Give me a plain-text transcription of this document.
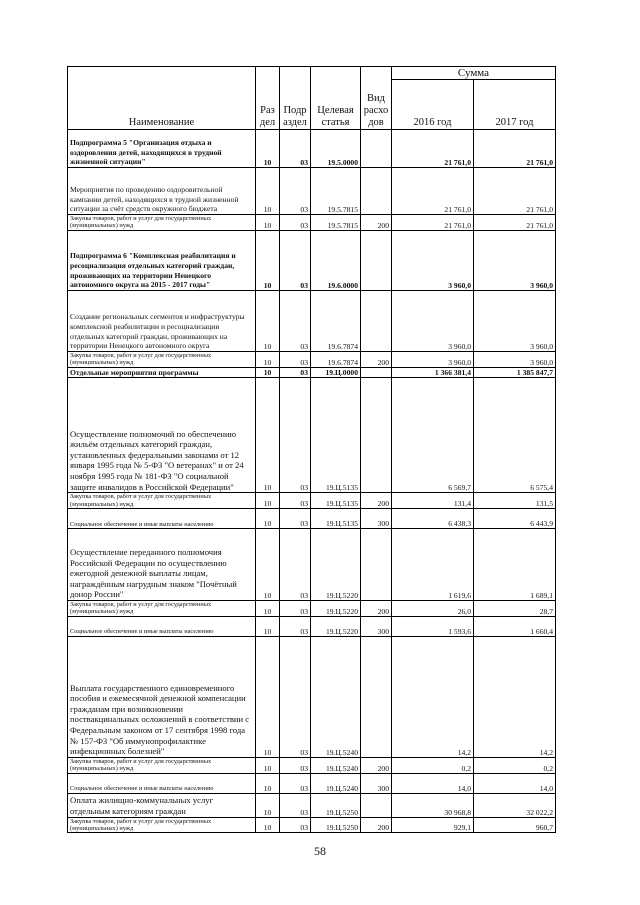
Наименование	Раз дел	Подр аздел	Целевая статья	Вид расхо дов	Сумма	
					2016 год	2017 год
Подпрограмма 5 "Организация отдыха и оздоровления детей, находящихся в трудной жизненной ситуации"	10	03	19.5.0000		21 761,0	21 761,0
Мероприятия по проведению оздоровительной кампании детей, находящихся в трудной жизненной ситуации за счёт средств окружного бюджета	10	03	19.5.7815		21 761,0	21 761,0
Закупка товаров, работ и услуг для государственных (муниципальных) нужд	10	03	19.5.7815	200	21 761,0	21 761,0
Подпрограмма 6 "Комплексная реабилитация и ресоциализация отдельных категорий граждан, проживающих на территории Ненецкого автономного округа на 2015 - 2017 годы"	10	03	19.6.0000		3 960,0	3 960,0
Создание региональных сегментов и инфраструктуры комплексной реабилитации и ресоциализации отдельных категорий граждан, проживающих на территории Ненецкого автономного округа	10	03	19.6.7874		3 960,0	3 960,0
Закупка товаров, работ и услуг для государственных (муниципальных) нужд	10	03	19.6.7874	200	3 960,0	3 960,0
Отдельные мероприятия программы	10	03	19.Ц.0000		1 366 381,4	1 385 847,7
Осуществление полномочий по обеспечению жильём отдельных категорий граждан, установленных федеральными законами от 12 января 1995 года № 5-ФЗ "О ветеранах" и от 24 ноября 1995 года № 181-ФЗ "О социальной защите инвалидов в Российской Федерации"	10	03	19.Ц.5135		6 569,7	6 575,4
Закупка товаров, работ и услуг для государственных (муниципальных) нужд	10	03	19.Ц.5135	200	131,4	131,5
Социальное обеспечение и иные выплаты населению	10	03	19.Ц.5135	300	6 438,3	6 443,9
Осуществление переданного полномочия Российской Федерации по осуществлению ежегодной денежной выплаты лицам, награждённым нагрудным знаком "Почётный донор России"	10	03	19.Ц.5220		1 619,6	1 689,1
Закупка товаров, работ и услуг для государственных (муниципальных) нужд	10	03	19.Ц.5220	200	26,0	28,7
Социальное обеспечение и иные выплаты населению	10	03	19.Ц.5220	300	1 593,6	1 660,4
Выплата государственного единовременного пособия и ежемесячной денежной компенсации гражданам при возникновении поствакцинальных осложнений в соответствии с Федеральным законом от 17 сентября 1998 года № 157-ФЗ "Об иммунопрофилактике инфекционных болезней"	10	03	19.Ц.5240		14,2	14,2
Закупка товаров, работ и услуг для государственных (муниципальных) нужд	10	03	19.Ц.5240	200	0,2	0,2
Социальное обеспечение и иные выплаты населению	10	03	19.Ц.5240	300	14,0	14,0
Оплата жилищно-коммунальных услуг отдельным категориям граждан	10	03	19.Ц.5250		30 968,8	32 022,2
Закупка товаров, работ и услуг для государственных (муниципальных) нужд	10	03	19.Ц.5250	200	929,1	960,7
58
